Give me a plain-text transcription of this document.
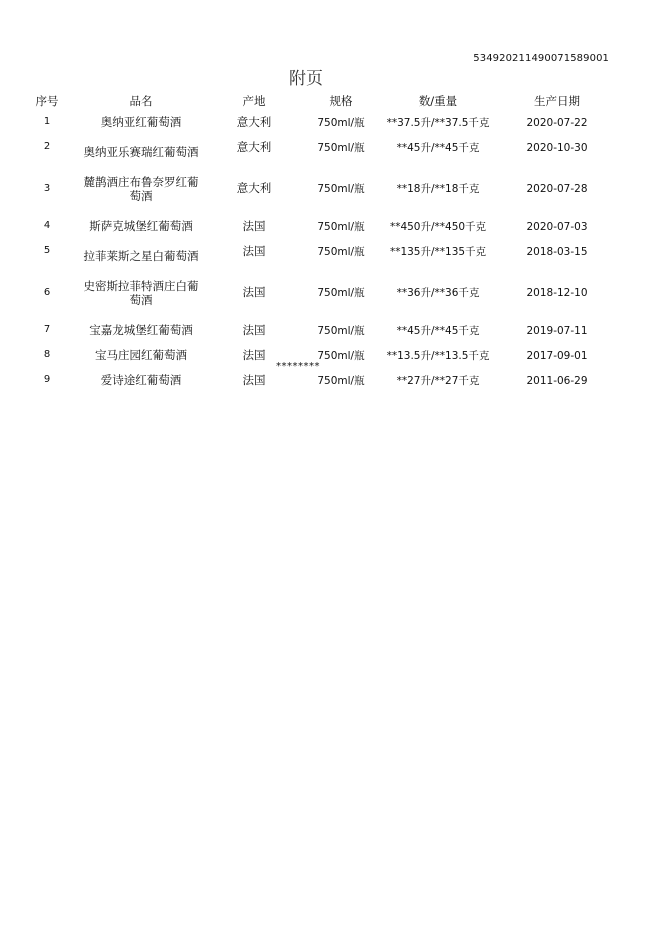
534920211490071589001
附页
序号	品名	产地	规格	数/重量	生产日期
1	奥纳亚红葡萄酒	意大利	750ml/瓶	**37.5升/**37.5千克	2020-07-22
2	奥纳亚乐赛瑞红葡萄酒	意大利	750ml/瓶	**45升/**45千克	2020-10-30
3	麓鹊酒庄布鲁奈罗红葡萄酒	意大利	750ml/瓶	**18升/**18千克	2020-07-28
4	斯萨克城堡红葡萄酒	法国	750ml/瓶	**450升/**450千克	2020-07-03
5	拉菲莱斯之星白葡萄酒	法国	750ml/瓶	**135升/**135千克	2018-03-15
6	史密斯拉菲特酒庄白葡萄酒	法国	750ml/瓶	**36升/**36千克	2018-12-10
7	宝嘉龙城堡红葡萄酒	法国	750ml/瓶	**45升/**45千克	2019-07-11
8	宝马庄园红葡萄酒	法国	750ml/瓶	**13.5升/**13.5千克	2017-09-01
9	爱诗途红葡萄酒	法国	750ml/瓶	**27升/**27千克	2011-06-29
********
